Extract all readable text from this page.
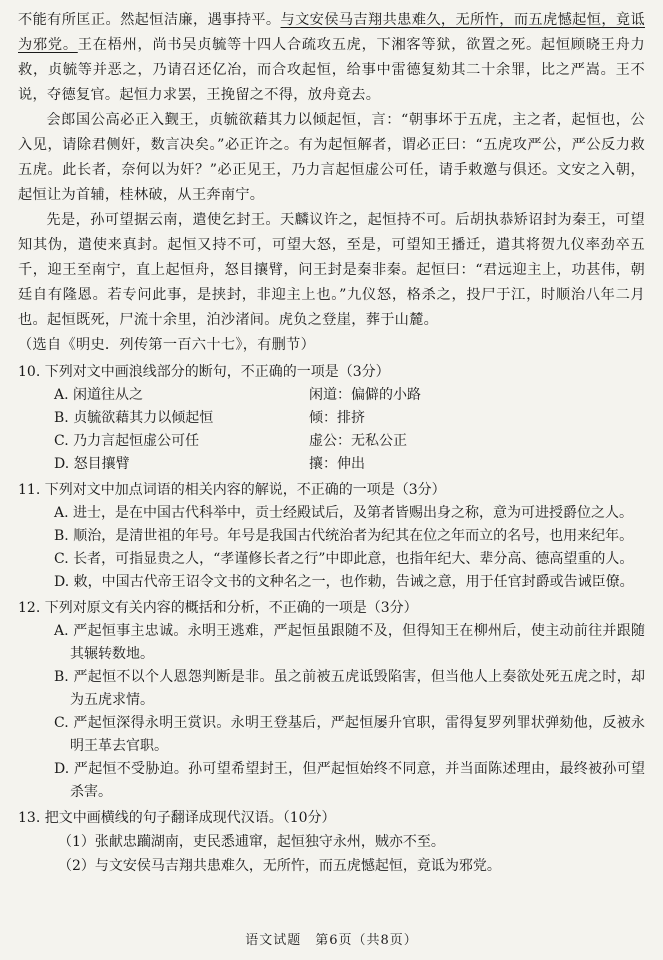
不能有所匡正。然起恒洁廉，遇事持平。与文安侯马吉翔共患难久，无所忤，而五虎憾起恒，竟诋为邪党。王在梧州，尚书吴贞毓等十四人合疏攻五虎，下湘客等狱，欲置之死。起恒顾晓王舟力救，贞毓等并恶之，乃请召还亿冶，而合攻起恒，给事中雷德复劾其二十余罪，比之严嵩。王不说，夺德复官。起恒力求罢，王挽留之不得，放舟竟去。

会郎国公高必正入觐王，贞毓欲藉其力以倾起恒，言：“朝事坏于五虎，主之者，起恒也，公入见，请除君侧奸，数言决矣。”必正许之。有为起恒解者，谓必正曰：“五虎攻严公，严公反力救五虎。此长者，奈何以为奸？”必正见王，乃力言起恒虚公可任，请手敕邀与俱还。文安之入朝，起恒让为首辅，桂林破，从王奔南宁。

先是，孙可望据云南，遣使乞封王。天麟议许之，起恒持不可。后胡执恭矫诏封为秦王，可望知其伪，遣使来真封。起恒又持不可，可望大怒，至是，可望知王播迁，遣其将贺九仪率劲卒五千，迎王至南宁，直上起恒舟，怒目攘臂，问王封是秦非秦。起恒曰：“君远迎主上，功甚伟，朝廷自有隆恩。若专问此事，是挟封，非迎主上也。”九仪怒，格杀之，投尸于江，时顺治八年二月也。起恒既死，尸流十余里，泊沙渚间。虎负之登崖，葬于山麓。

（选自《明史．列传第一百六十七》，有删节）

10. 下列对文中画浪线部分的断句，不正确的一项是（3分）

A. 闲道往从之	闲道：偏僻的小路
B. 贞毓欲藉其力以倾起恒	倾：排挤
C. 乃力言起恒虚公可任	虚公：无私公正
D. 怒目攘臂	攘：伸出

11. 下列对文中加点词语的相关内容的解说，不正确的一项是（3分）

A. 进士，是在中国古代科举中，贡士经殿试后，及第者皆赐出身之称，意为可进授爵位之人。

B. 顺治，是清世祖的年号。年号是我国古代统治者为纪其在位之年而立的名号，也用来纪年。

C. 长者，可指显贵之人，“孝谨修长者之行”中即此意，也指年纪大、辈分高、德高望重的人。

D. 敕，中国古代帝王诏令文书的文种名之一，也作勅，告诫之意，用于任官封爵或告诫臣僚。

12. 下列对原文有关内容的概括和分析，不正确的一项是（3分）

A. 严起恒事主忠诚。永明王逃难，严起恒虽跟随不及，但得知王在柳州后，使主动前往并跟随其辗转数地。

B. 严起恒不以个人恩怨判断是非。虽之前被五虎诋毁陷害，但当他人上奏欲处死五虎之时，却为五虎求情。

C. 严起恒深得永明王赏识。永明王登基后，严起恒屡升官职，雷得复罗列罪状弹劾他，反被永明王革去官职。

D. 严起恒不受胁迫。孙可望希望封王，但严起恒始终不同意，并当面陈述理由，最终被孙可望杀害。

13. 把文中画横线的句子翻译成现代汉语。（10分）

（1）张献忠躏湖南，吏民悉逋窜，起恒独守永州，贼亦不至。

（2）与文安侯马吉翔共患难久，无所忤，而五虎憾起恒，竟诋为邪党。

语文试题　第6页（共8页）
